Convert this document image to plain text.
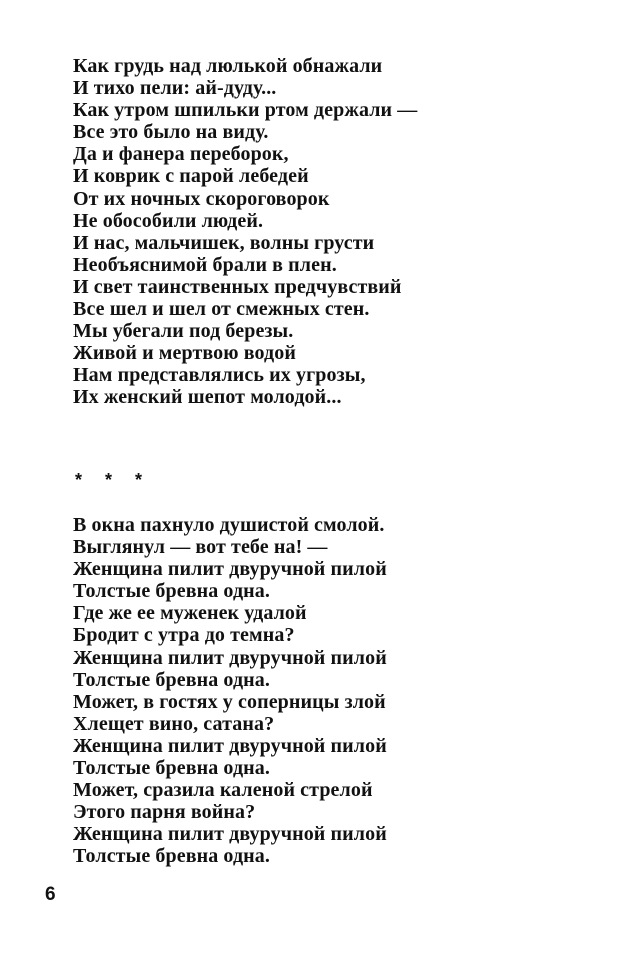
Как грудь над люлькой обнажали
И тихо пели: ай-дуду...
Как утром шпильки ртом держали —
Все это было на виду.
Да и фанера переборок,
И коврик с парой лебедей
От их ночных скороговорок
Не обособили людей.
И нас, мальчишек, волны грусти
Необъяснимой брали в плен.
И свет таинственных предчувствий
Все шел и шел от смежных стен.
Мы убегали под березы.
Живой и мертвою водой
Нам представлялись их угрозы,
Их женский шепот молодой...
* * *
В окна пахнуло душистой смолой.
Выглянул — вот тебе на! —
Женщина пилит двуручной пилой
Толстые бревна одна.
Где же ее муженек удалой
Бродит с утра до темна?
Женщина пилит двуручной пилой
Толстые бревна одна.
Может, в гостях у соперницы злой
Хлещет вино, сатана?
Женщина пилит двуручной пилой
Толстые бревна одна.
Может, сразила каленой стрелой
Этого парня война?
Женщина пилит двуручной пилой
Толстые бревна одна.
6
